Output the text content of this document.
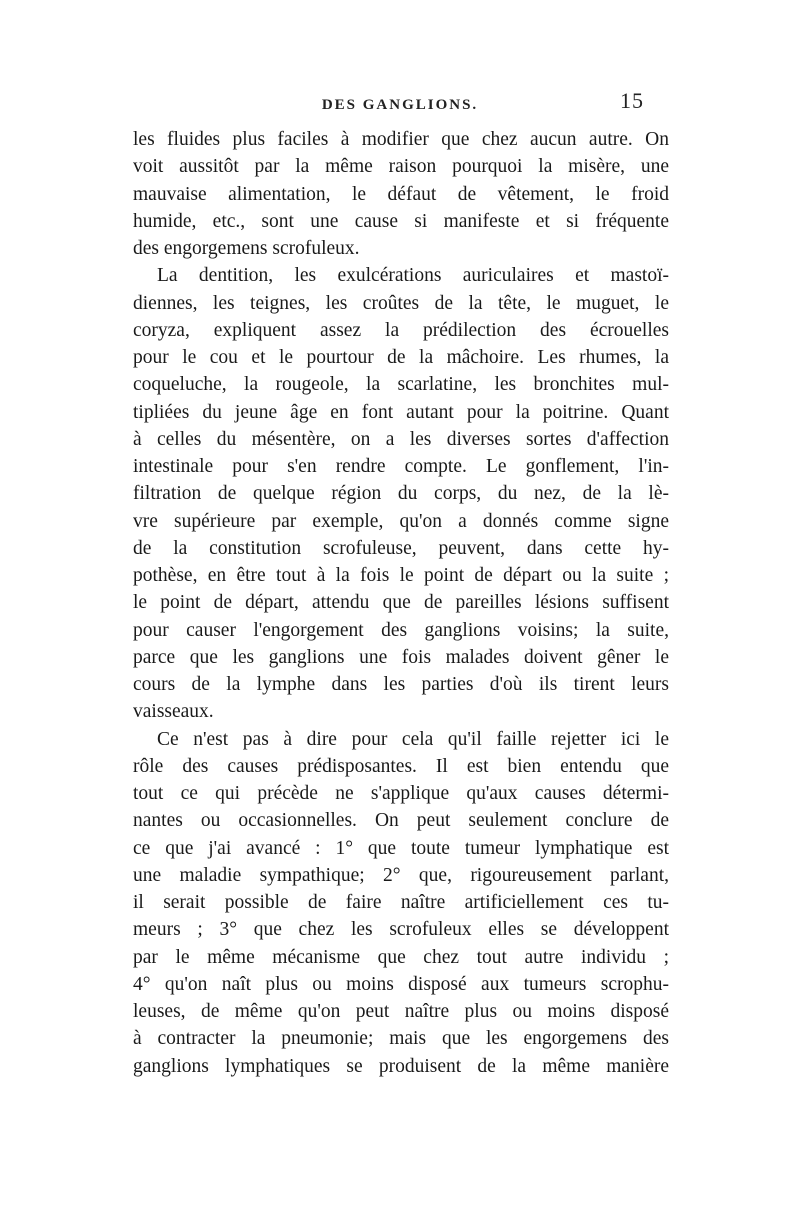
DES GANGLIONS.	15
les fluides plus faciles à modifier que chez aucun autre. On
voit aussitôt par la même raison pourquoi la misère, une
mauvaise alimentation, le défaut de vêtement, le froid
humide, etc., sont une cause si manifeste et si fréquente
des engorgemens scrofuleux.
La dentition, les exulcérations auriculaires et mastoï-
diennes, les teignes, les croûtes de la tête, le muguet, le
coryza, expliquent assez la prédilection des écrouelles
pour le cou et le pourtour de la mâchoire. Les rhumes, la
coqueluche, la rougeole, la scarlatine, les bronchites mul-
tipliées du jeune âge en font autant pour la poitrine. Quant
à celles du mésentère, on a les diverses sortes d'affection
intestinale pour s'en rendre compte. Le gonflement, l'in-
filtration de quelque région du corps, du nez, de la lè-
vre supérieure par exemple, qu'on a donnés comme signe
de la constitution scrofuleuse, peuvent, dans cette hy-
pothèse, en être tout à la fois le point de départ ou la suite ;
le point de départ, attendu que de pareilles lésions suffisent
pour causer l'engorgement des ganglions voisins; la suite,
parce que les ganglions une fois malades doivent gêner le
cours de la lymphe dans les parties d'où ils tirent leurs
vaisseaux.
Ce n'est pas à dire pour cela qu'il faille rejetter ici le
rôle des causes prédisposantes. Il est bien entendu que
tout ce qui précède ne s'applique qu'aux causes détermi-
nantes ou occasionnelles. On peut seulement conclure de
ce que j'ai avancé : 1° que toute tumeur lymphatique est
une maladie sympathique; 2° que, rigoureusement parlant,
il serait possible de faire naître artificiellement ces tu-
meurs ; 3° que chez les scrofuleux elles se développent
par le même mécanisme que chez tout autre individu ;
4° qu'on naît plus ou moins disposé aux tumeurs scrophu-
leuses, de même qu'on peut naître plus ou moins disposé
à contracter la pneumonie; mais que les engorgemens des
ganglions lymphatiques se produisent de la même manière
